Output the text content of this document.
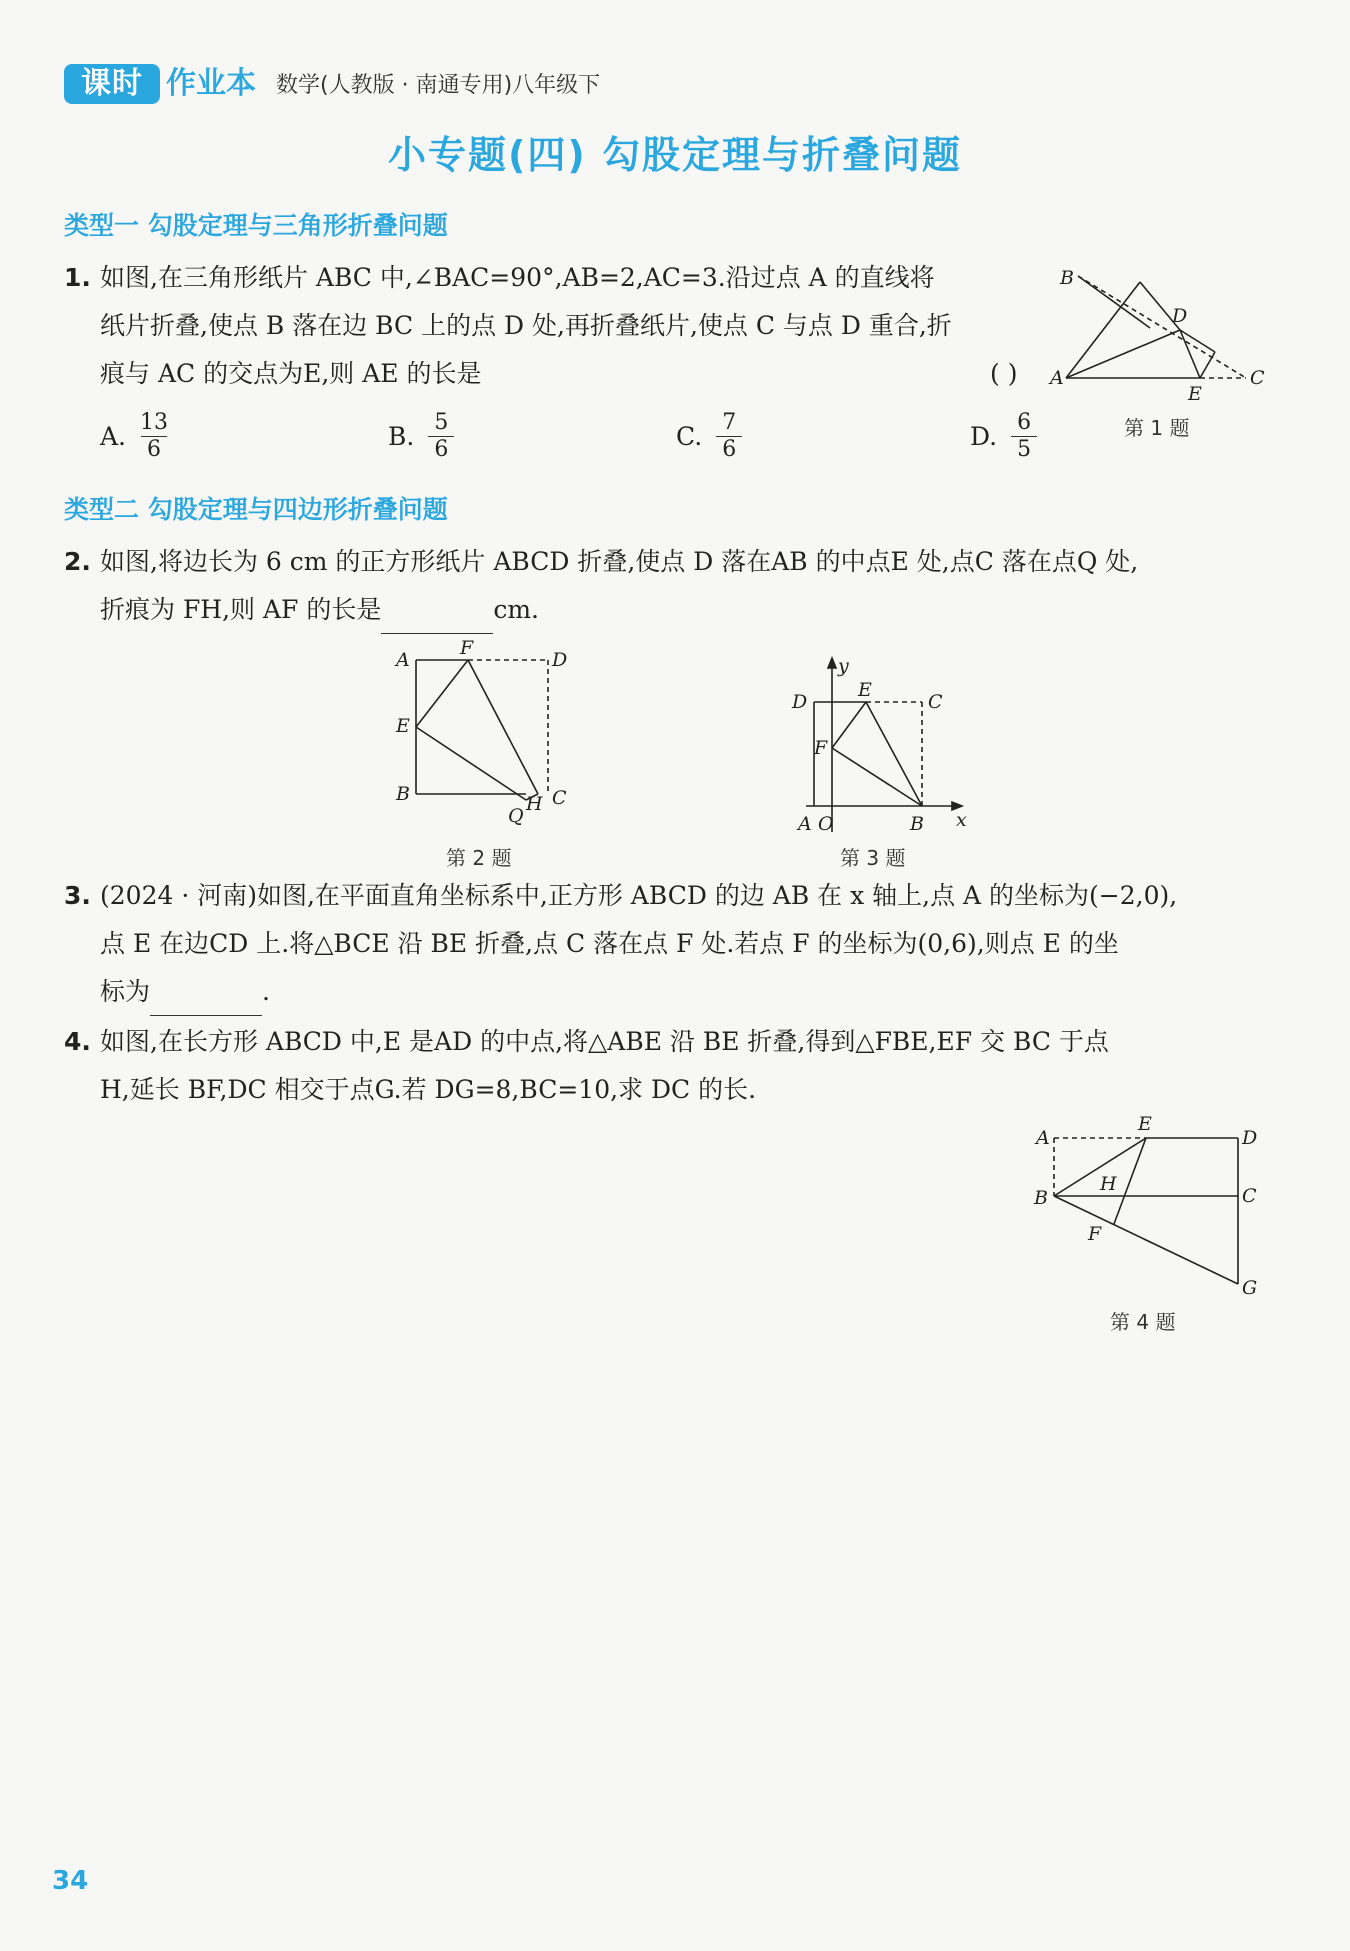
课时 作业本 数学(人教版 · 南通专用)八年级下
小专题(四) 勾股定理与折叠问题
类型一 勾股定理与三角形折叠问题
1. 如图,在三角形纸片 ABC 中,∠BAC=90°,AB=2,AC=3.沿过点 A 的直线将
纸片折叠,使点 B 落在边 BC 上的点 D 处,再折叠纸片,使点 C 与点 D 重合,折
痕与 AC 的交点为E,则 AE 的长是	( )
A. $\frac{13}{6}$	B. $\frac{5}{6}$	C. $\frac{7}{6}$	D. $\frac{6}{5}$
B
D
A
E
C
第 1 题
类型二 勾股定理与四边形折叠问题
2. 如图,将边长为 6 cm 的正方形纸片 ABCD 折叠,使点 D 落在AB 的中点E 处,点C 落在点Q 处,
折痕为 FH,则 AF 的长是	cm.
A
F
D
E
B
Q
H C
第 2 题
y
D
E
C
F
A O	B x
第 3 题
3. (2024 · 河南)如图,在平面直角坐标系中,正方形 ABCD 的边 AB 在 x 轴上,点 A 的坐标为(−2,0),
点 E 在边CD 上.将△BCE 沿 BE 折叠,点 C 落在点 F 处.若点 F 的坐标为(0,6),则点 E 的坐
标为	.
4. 如图,在长方形 ABCD 中,E 是AD 的中点,将△ABE 沿 BE 折叠,得到△FBE,EF 交 BC 于点
H,延长 BF,DC 相交于点G.若 DG=8,BC=10,求 DC 的长.
A
E
D
H
B	C
F
G
第 4 题
34
